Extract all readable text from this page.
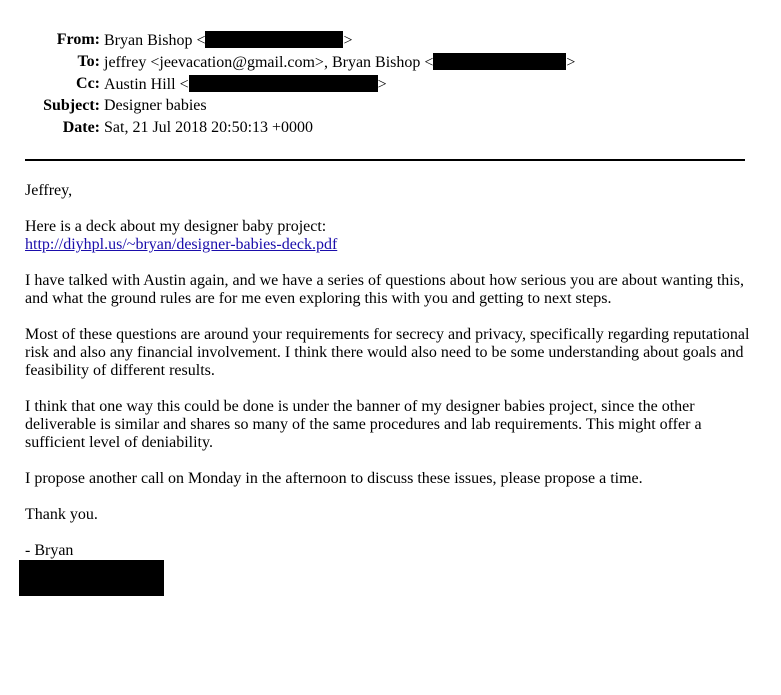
From: Bryan Bishop <	>
To: jeffrey <jeevacation@gmail.com>, Bryan Bishop <	>
Cc: Austin Hill <	>
Subject: Designer babies
Date: Sat, 21 Jul 2018 20:50:13 +0000

Jeffrey,

Here is a deck about my designer baby project:
http://diyhpl.us/~bryan/designer-babies-deck.pdf

I have talked with Austin again, and we have a series of questions about how serious you are about wanting this,
and what the ground rules are for me even exploring this with you and getting to next steps.

Most of these questions are around your requirements for secrecy and privacy, specifically regarding reputational
risk and also any financial involvement. I think there would also need to be some understanding about goals and
feasibility of different results.

I think that one way this could be done is under the banner of my designer babies project, since the other
deliverable is similar and shares so many of the same procedures and lab requirements. This might offer a
sufficient level of deniability.

I propose another call on Monday in the afternoon to discuss these issues, please propose a time.

Thank you.

- Bryan
